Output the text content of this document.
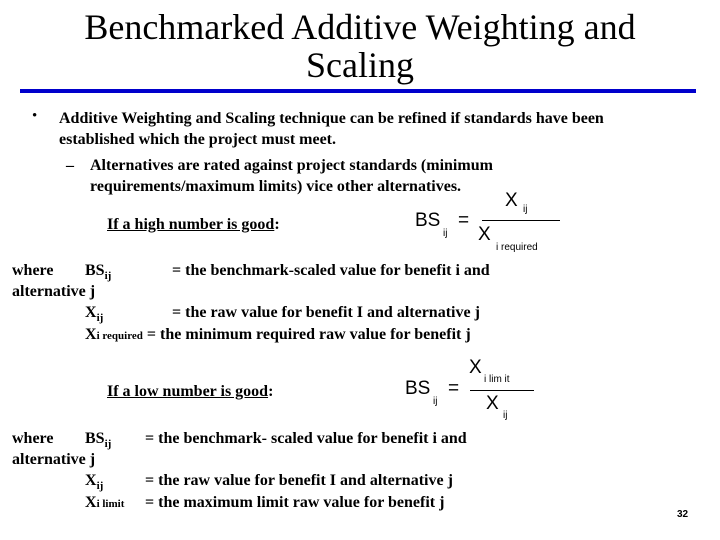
Benchmarked Additive Weighting and
Scaling
• Additive Weighting and Scaling technique can be refined if standards have been
established which the project must meet.
– Alternatives are rated against project standards (minimum
requirements/maximum limits) vice other alternatives.
If a high number is good:	BS
ij
=
X ij
X
i required
where $BS_{ij}$	= the benchmark-scaled value for benefit i and
alternative j
$X_{ij}$	= the raw value for benefit I and alternative j
Xi required = the minimum required raw value for benefit j
If a low number is good:	BS
ij
=
X
i lim it
X
ij
where $BS_{ij}$ = the benchmark- scaled value for benefit i and
alternative j
$X_{ij}$	= the raw value for benefit I and alternative j
Xi limit = the maximum limit raw value for benefit j
32
